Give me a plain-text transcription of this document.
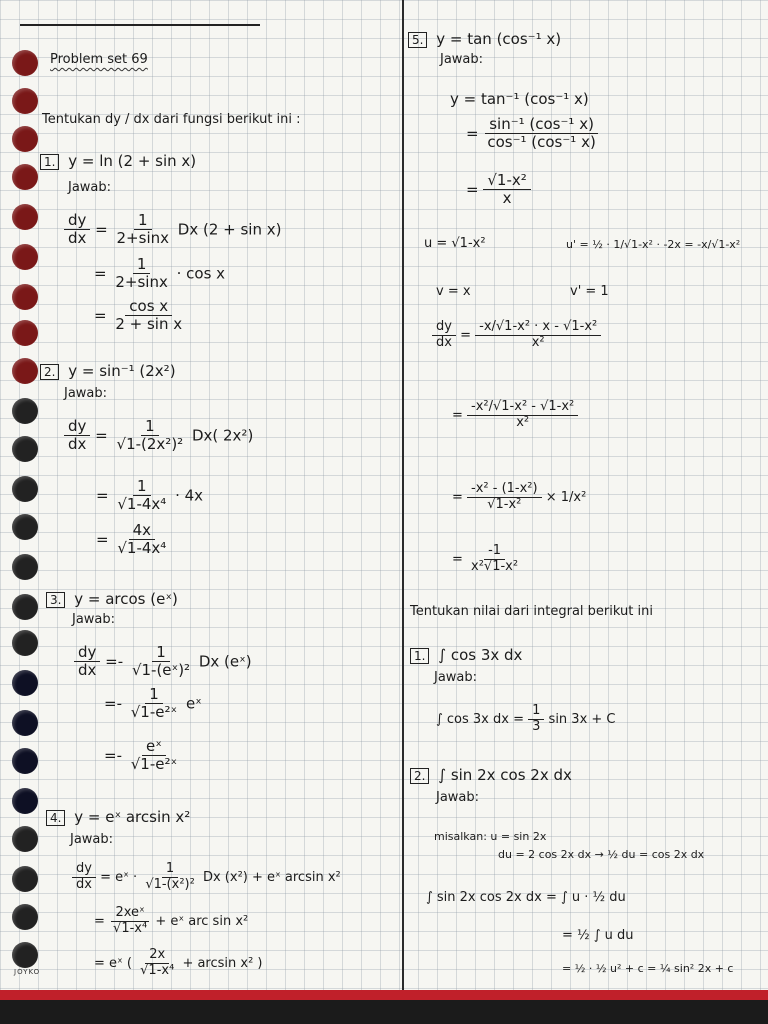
JOYKO
Problem set 69
Tentukan dy / dx dari fungsi berikut ini :
1. y = ln (2 + sin x)
Jawab:
$\frac{dy}{dx} = \frac{1}{2+\sin x}$ Dx (2 + sin x)
= $\frac{1}{2+\sin x} \cdot \cos x$
= $\frac{\text{cos x}}{\text{2 + sin x}}$
2. y = sin⁻¹ (2x²)
Jawab:
$\frac{dy}{dx} = \frac{1}{\text{√1-(2x²)²}} Dx$( 2x²)
= $\frac{1}{\text{√1-4x⁴}} \cdot 4x$
= $\frac{4x}{\text{√1-4x⁴}}$
3. y = arcos (eˣ)
Jawab:
$\frac{dy}{dx} =- \frac{1}{\text{√1-(eˣ)²}}$ Dx (eˣ)
=- $\frac{1}{\text{√1-e²ˣ}}$ eˣ
=- $\frac{\text{eˣ}}{\text{√1-e²ˣ}}$
4. y = eˣ arcsin x²
Jawab:
$\frac{dy}{dx}$ = eˣ · $\frac{1}{\text{√1-(x²)²}}$ Dx (x²) + eˣ arcsin x²
= $\frac{\text{2xeˣ}}{\text{√1-x⁴}}$ + eˣ arc sin x²
= eˣ ( $\frac{2x}{\text{√1-x⁴}} + \arcsin x^2$ )
5. y = tan (cos⁻¹ x)
Jawab:
y = tan⁻¹ (cos⁻¹ x)
= $\frac{\text{sin⁻¹ (cos⁻¹ x)}}{\text{cos⁻¹ (cos⁻¹ x)}}$
= $\frac{\text{√1-x²}}{x}$
u = √1-x²	u' = ½ · 1/√1-x² · -2x = -x/√1-x²
v = x	v' = 1
$\frac{dy}{dx} = \frac{\text{-x/√1-x² · x - √1-x²}}{\text{x²}}$
= $\frac{\text{-x²/√1-x² - √1-x²}}{\text{x²}}$
= $\frac{\text{-x² - (1-x²)}}{\text{√1-x²}} \times 1/x^2$
= $\frac{-1}{\text{x²√1-x²}}$
Tentukan nilai dari integral berikut ini
1. ∫ cos 3x dx
Jawab:
∫ cos 3x dx = $\frac{1}{3}$ sin 3x + C
2. ∫ sin 2x cos 2x dx
Jawab:
misalkan: u = sin 2x
du = 2 cos 2x dx → ½ du = cos 2x dx
∫ sin 2x cos 2x dx = ∫ u · ½ du
= ½ ∫ u du
= ½ · ½ u² + c = ¼ sin² 2x + c
